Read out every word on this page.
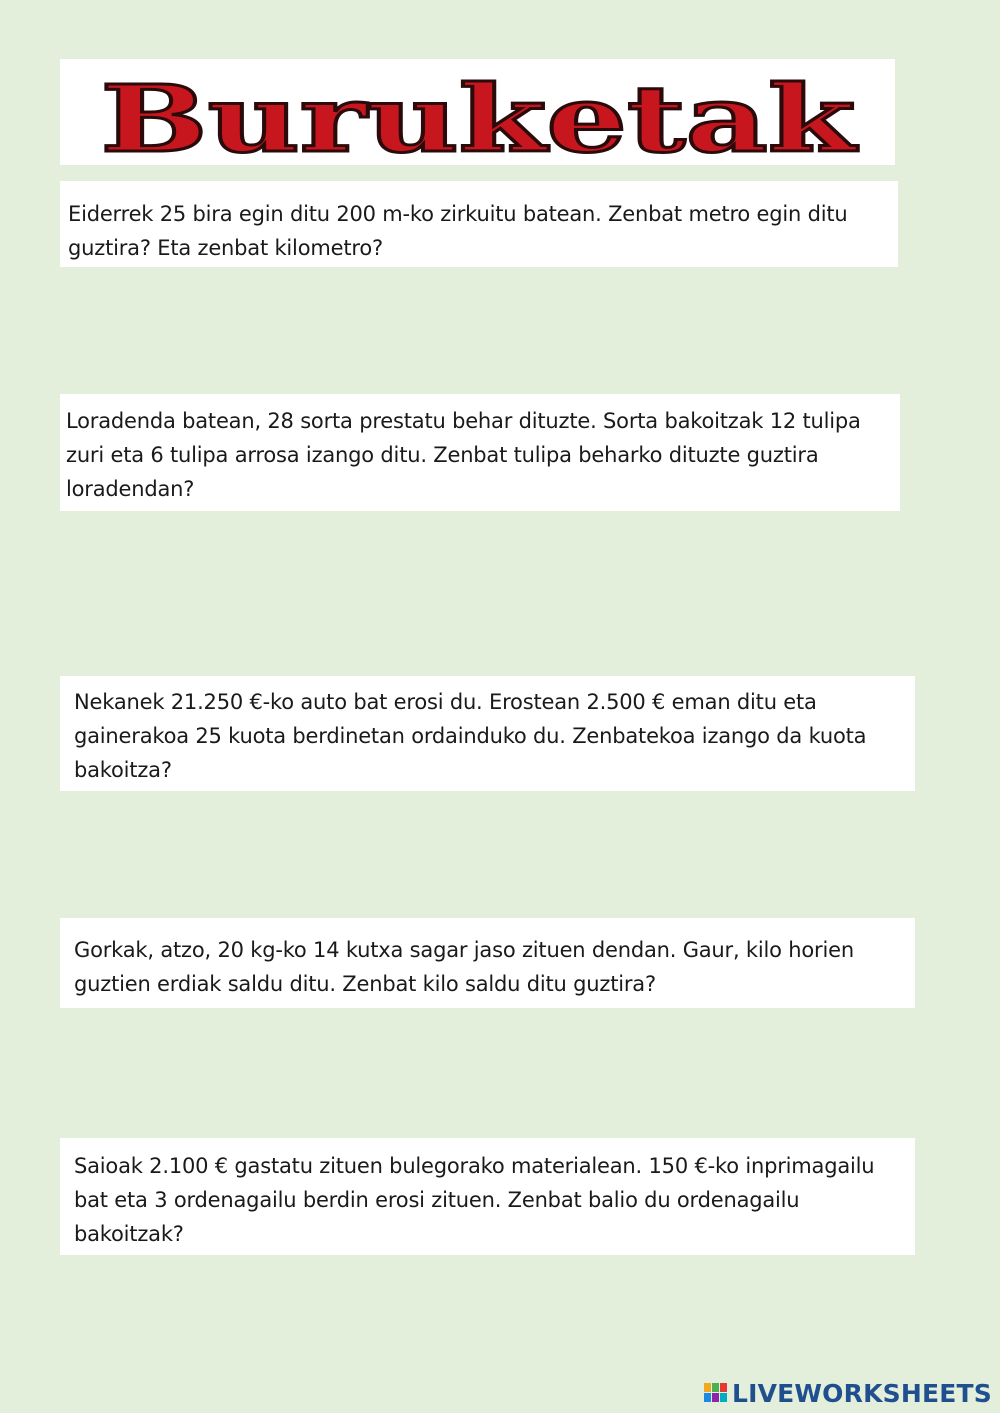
Buruketak
Eiderrek 25 bira egin ditu 200 m-ko zirkuitu batean. Zenbat metro egin ditu guztira? Eta zenbat kilometro?
Loradenda batean, 28 sorta prestatu behar dituzte. Sorta bakoitzak 12 tulipa zuri eta 6 tulipa arrosa izango ditu. Zenbat tulipa beharko dituzte guztira loradendan?
Nekanek 21.250 €-ko auto bat erosi du. Erostean 2.500 € eman ditu eta gainerakoa 25 kuota berdinetan ordainduko du. Zenbatekoa izango da kuota bakoitza?
Gorkak, atzo, 20 kg-ko 14 kutxa sagar jaso zituen dendan. Gaur, kilo horien guztien erdiak saldu ditu. Zenbat kilo saldu ditu guztira?
Saioak 2.100 € gastatu zituen bulegorako materialean. 150 €-ko inprimagailu bat eta 3 ordenagailu berdin erosi zituen. Zenbat balio du ordenagailu bakoitzak?
LIVEWORKSHEETS
